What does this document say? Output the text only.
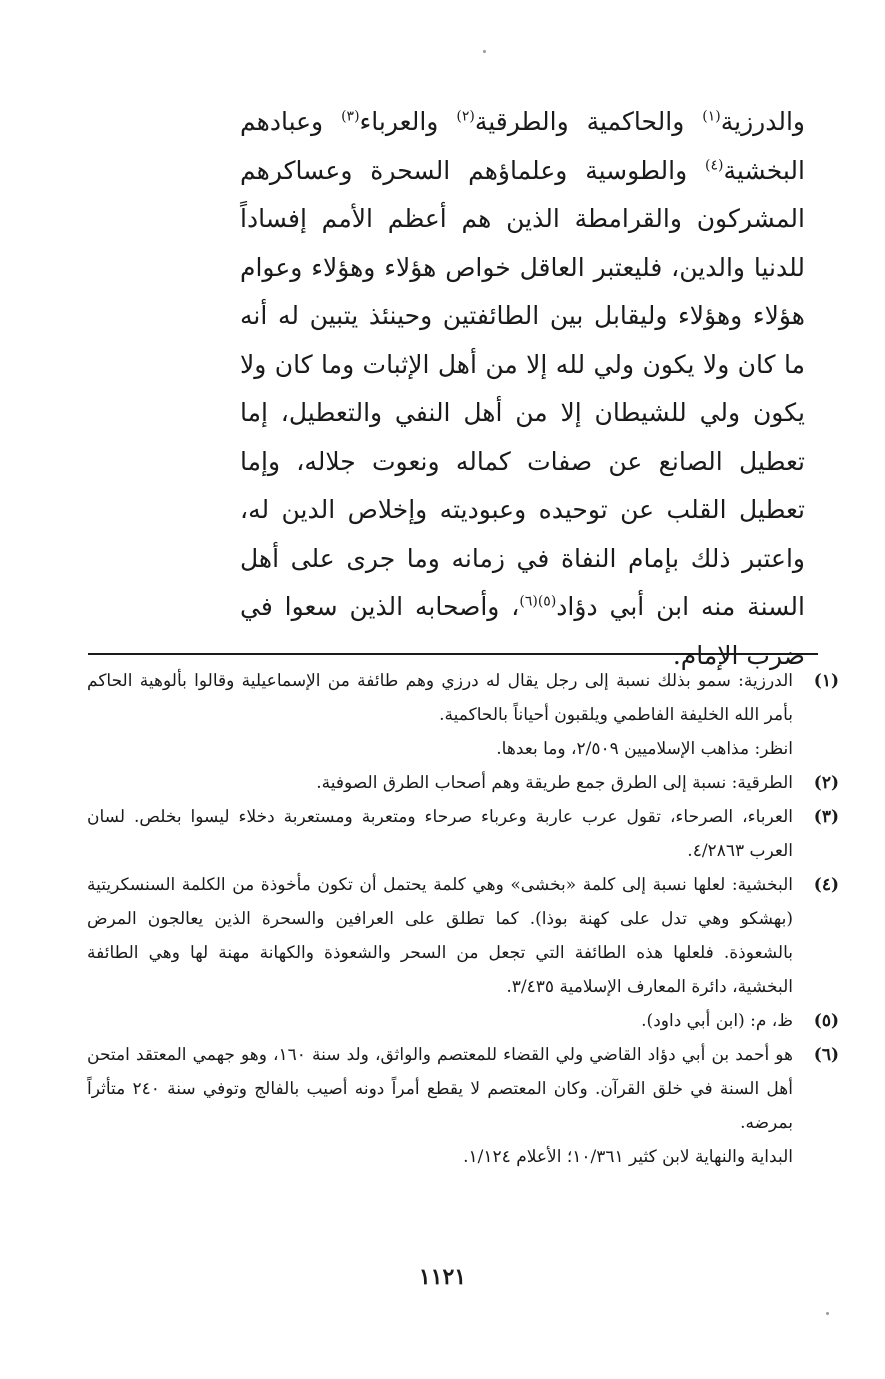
والدرزية$^{(١)}$ والحاكمية والطرقية$^{(٢)}$ والعرباء$^{(٣)}$ وعبادهم البخشية$^{(٤)}$ والطوسية وعلماؤهم السحرة وعساكرهم المشركون والقرامطة الذين هم أعظم الأمم إفساداً للدنيا والدين، فليعتبر العاقل خواص هؤلاء وهؤلاء وعوام هؤلاء وهؤلاء وليقابل بين الطائفتين وحينئذ يتبين له أنه ما كان ولا يكون ولي لله إلا من أهل الإثبات وما كان ولا يكون ولي للشيطان إلا من أهل النفي والتعطيل، إما تعطيل الصانع عن صفات كماله ونعوت جلاله، وإما تعطيل القلب عن توحيده وعبوديته وإخلاص الدين له، واعتبر ذلك بإمام النفاة في زمانه وما جرى على أهل السنة منه ابن أبي دؤاد$^{(٥)(٦)}$، وأصحابه الذين سعوا في ضرب الإمام.

(١)
الدرزية: سمو بذلك نسبة إلى رجل يقال له درزي وهم طائفة من الإسماعيلية وقالوا بألوهية الحاكم بأمر الله الخليفة الفاطمي ويلقبون أحياناً بالحاكمية.
انظر: مذاهب الإسلاميين ٢/٥٠٩، وما بعدها.
(٢)
الطرقية: نسبة إلى الطرق جمع طريقة وهم أصحاب الطرق الصوفية.
(٣)
العرباء، الصرحاء، تقول عرب عاربة وعرباء صرحاء ومتعربة ومستعربة دخلاء ليسوا بخلص. لسان العرب ٤/٢٨٦٣.
(٤)
البخشية: لعلها نسبة إلى كلمة «بخشى» وهي كلمة يحتمل أن تكون مأخوذة من الكلمة السنسكريتية (بهشكو وهي تدل على كهنة بوذا). كما تطلق على العرافين والسحرة الذين يعالجون المرض بالشعوذة. فلعلها هذه الطائفة التي تجعل من السحر والشعوذة والكهانة مهنة لها وهي الطائفة البخشية، دائرة المعارف الإسلامية ٣/٤٣٥.
(٥)
ظ، م: (ابن أبي داود).
(٦)
هو أحمد بن أبي دؤاد القاضي ولي القضاء للمعتصم والواثق، ولد سنة ١٦٠، وهو جهمي المعتقد امتحن أهل السنة في خلق القرآن. وكان المعتصم لا يقطع أمراً دونه أصيب بالفالج وتوفي سنة ٢٤٠ متأثراً بمرضه.
البداية والنهاية لابن كثير ١٠/٣٦١؛ الأعلام ١/١٢٤.
١١٢١
